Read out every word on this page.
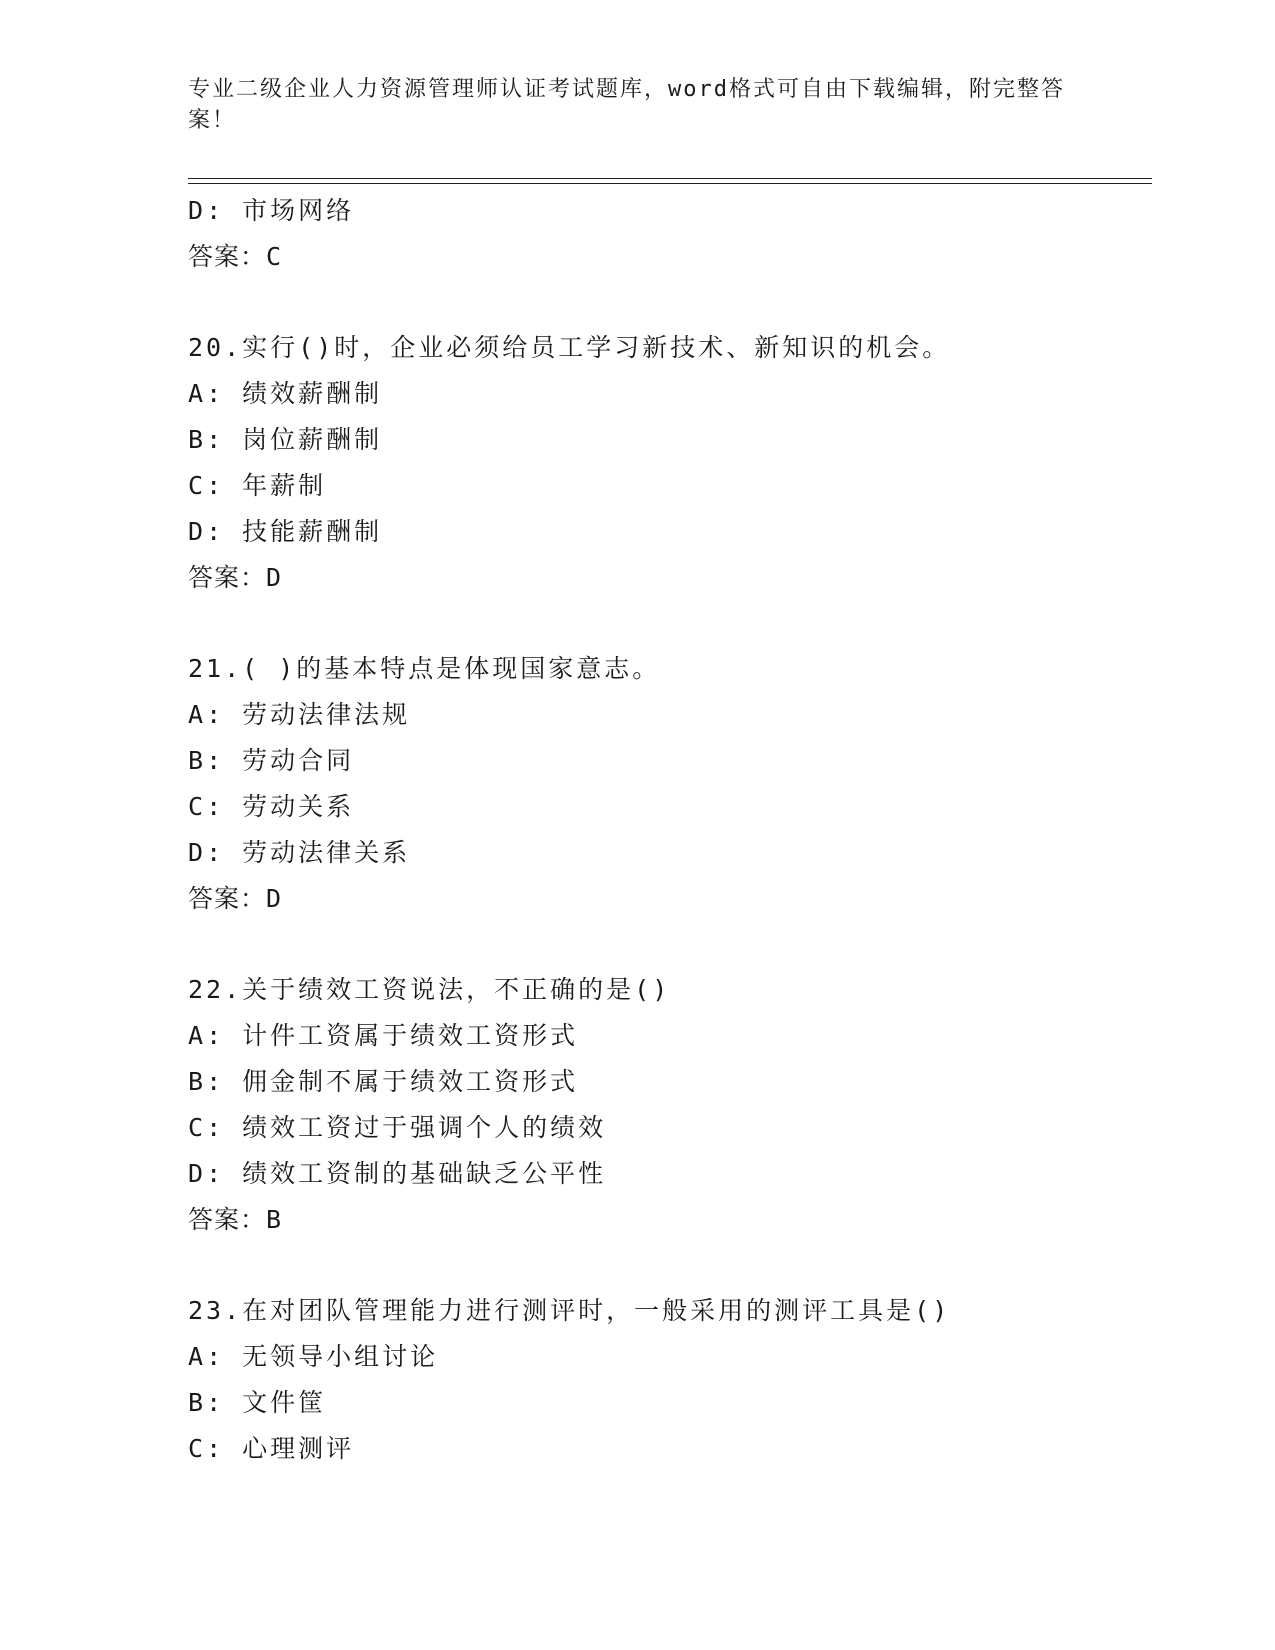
专业二级企业人力资源管理师认证考试题库，word格式可自由下载编辑，附完整答案！
D: 市场网络
答案：C
20.实行()时，企业必须给员工学习新技术、新知识的机会。
A: 绩效薪酬制
B: 岗位薪酬制
C: 年薪制
D: 技能薪酬制
答案：D
21.( )的基本特点是体现国家意志。
A: 劳动法律法规
B: 劳动合同
C: 劳动关系
D: 劳动法律关系
答案：D
22.关于绩效工资说法，不正确的是()
A: 计件工资属于绩效工资形式
B: 佣金制不属于绩效工资形式
C: 绩效工资过于强调个人的绩效
D: 绩效工资制的基础缺乏公平性
答案：B
23.在对团队管理能力进行测评时，一般采用的测评工具是()
A: 无领导小组讨论
B: 文件筐
C: 心理测评
